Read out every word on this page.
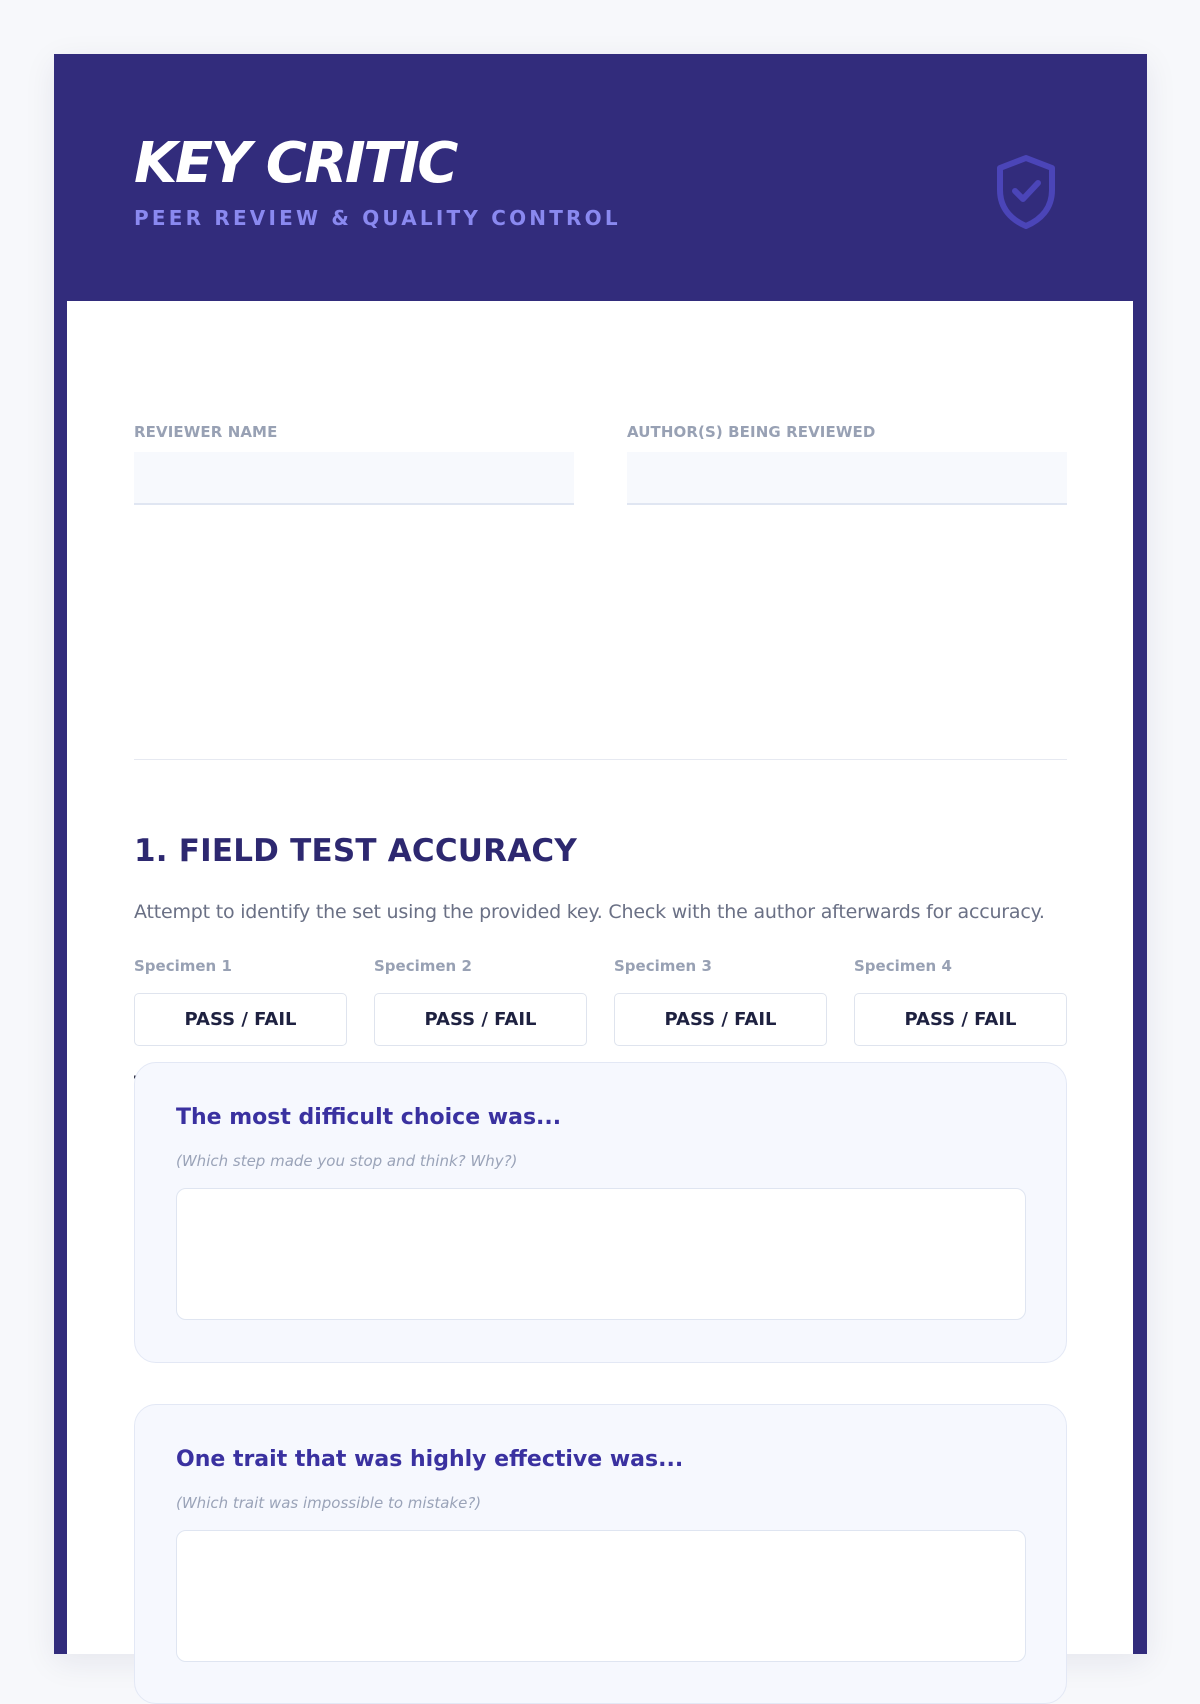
KEY CRITIC
PEER REVIEW & QUALITY CONTROL
REVIEWER NAME	AUTHOR(S) BEING REVIEWED
1. FIELD TEST ACCURACY
Attempt to identify the set using the provided key. Check with the author afterwards for accuracy.
Specimen 1	Specimen 2	Specimen 3	Specimen 4
PASS / FAIL	PASS / FAIL	PASS / FAIL	PASS / FAIL
The most difficult choice was...
(Which step made you stop and think? Why?)
One trait that was highly effective was...
(Which trait was impossible to mistake?)
